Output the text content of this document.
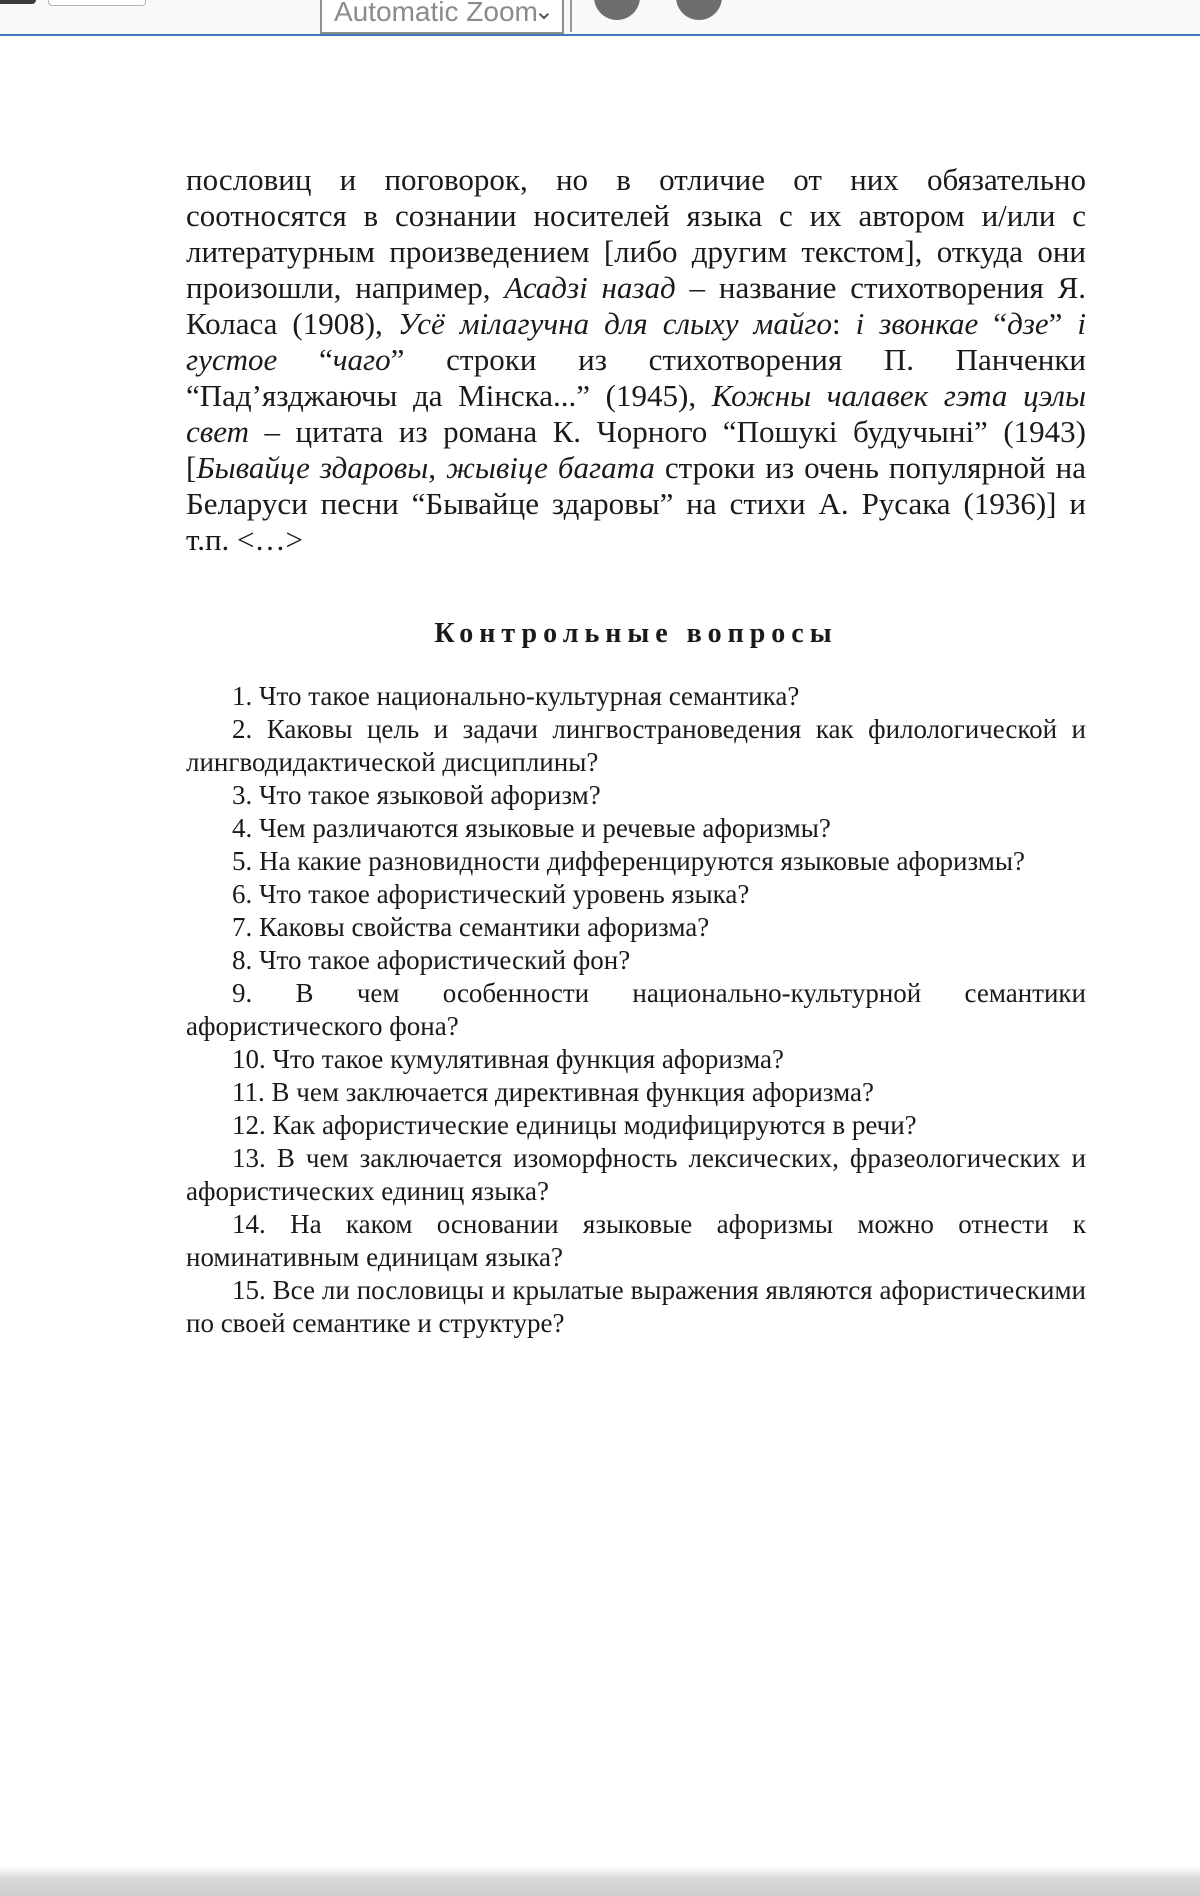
Automatic Zoom
⌄

пословиц и поговорок, но в отличие от них обязательно соотносятся в сознании носителей языка с их автором и/или с литературным произведением [либо другим текстом], откуда они произошли, например, Асадзі назад – название стихотворения Я. Коласа (1908), Усё мілагучна для слыху майго: і звонкае “дзе” і густое “чаго” строки из стихотворения П. Панченки “Пад’язджаючы да Мінска...” (1945), Кожны чалавек гэта цэлы свет – цитата из романа К. Чорного “Пошукі будучыні” (1943) [Бывайце здаровы, жывіце багата строки из очень популярной на Беларуси песни “Бывайце здаровы” на стихи А. Русака (1936)] и т.п. <…>

Контрольные вопросы
1. Что такое национально-культурная семантика?
2. Каковы цель и задачи лингвострановедения как филологической и лингводидактической дисциплины?
3. Что такое языковой афоризм?
4. Чем различаются языковые и речевые афоризмы?
5. На какие разновидности дифференцируются языковые афоризмы?
6. Что такое афористический уровень языка?
7. Каковы свойства семантики афоризма?
8. Что такое афористический фон?
9. В чем особенности национально-культурной семантики афористического фона?
10. Что такое кумулятивная функция афоризма?
11. В чем заключается директивная функция афоризма?
12. Как афористические единицы модифицируются в речи?
13. В чем заключается изоморфность лексических, фразеологических и афористических единиц языка?
14. На каком основании языковые афоризмы можно отнести к номинативным единицам языка?
15. Все ли пословицы и крылатые выражения являются афористическими по своей семантике и структуре?
